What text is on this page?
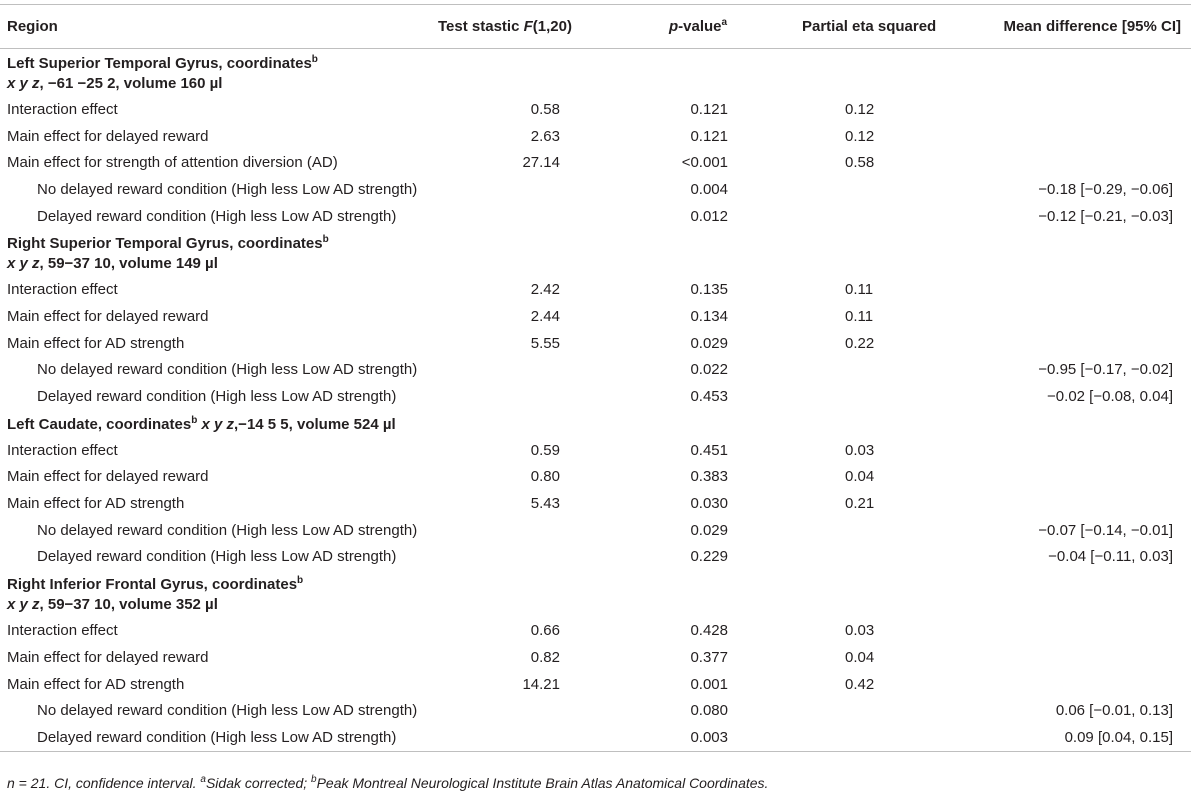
Region	Test stastic F(1,20)	p-value$^a$	Partial eta squared	Mean difference [95% CI]
Left Superior Temporal Gyrus, coordinates$^b$
x y z, −61 −25 2, volume 160 µl				
Interaction effect	0.58	0.121	0.12	
Main effect for delayed reward	2.63	0.121	0.12	
Main effect for strength of attention diversion (AD)	27.14	<0.001	0.58	
No delayed reward condition (High less Low AD strength)		0.004		−0.18 [−0.29, −0.06]
Delayed reward condition (High less Low AD strength)		0.012		−0.12 [−0.21, −0.03]
Right Superior Temporal Gyrus, coordinates$^b$
x y z, 59−37 10, volume 149 µl				
Interaction effect	2.42	0.135	0.11	
Main effect for delayed reward	2.44	0.134	0.11	
Main effect for AD strength	5.55	0.029	0.22	
No delayed reward condition (High less Low AD strength)		0.022		−0.95 [−0.17, −0.02]
Delayed reward condition (High less Low AD strength)		0.453		−0.02 [−0.08, 0.04]
Left Caudate, coordinates$^b$ x y z,−14 5 5, volume 524 µl				
Interaction effect	0.59	0.451	0.03	
Main effect for delayed reward	0.80	0.383	0.04	
Main effect for AD strength	5.43	0.030	0.21	
No delayed reward condition (High less Low AD strength)		0.029		−0.07 [−0.14, −0.01]
Delayed reward condition (High less Low AD strength)		0.229		−0.04 [−0.11, 0.03]
Right Inferior Frontal Gyrus, coordinates$^b$
x y z, 59−37 10, volume 352 µl				
Interaction effect	0.66	0.428	0.03	
Main effect for delayed reward	0.82	0.377	0.04	
Main effect for AD strength	14.21	0.001	0.42	
No delayed reward condition (High less Low AD strength)		0.080		0.06 [−0.01, 0.13]
Delayed reward condition (High less Low AD strength)		0.003		0.09 [0.04, 0.15]
n = 21. CI, confidence interval. $^a$Sidak corrected; $^b$Peak Montreal Neurological Institute Brain Atlas Anatomical Coordinates.
